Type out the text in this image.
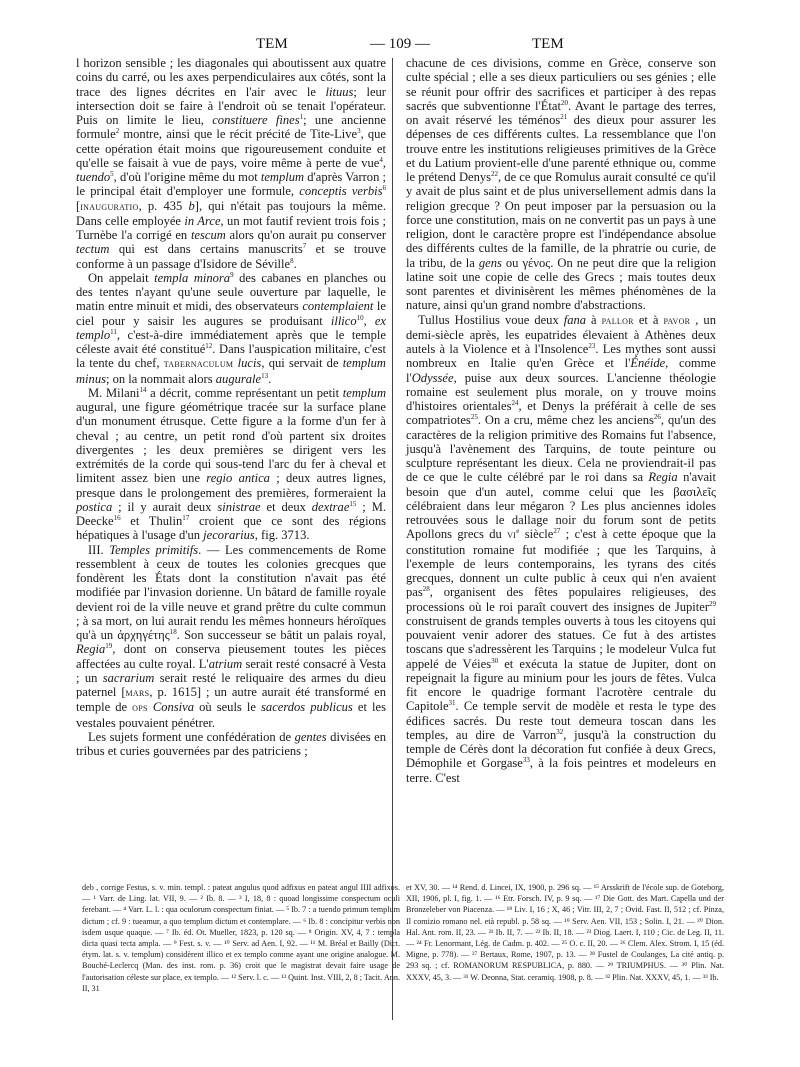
TEM	— 109 —	TEM

l horizon sensible ; les diagonales qui aboutissent aux quatre coins du carré, ou les axes perpendiculaires aux côtés, sont la trace des lignes décrites en l'air avec le lituus; leur intersection doit se faire à l'endroit où se tenait l'opérateur. Puis on limite le lieu, constituere fines$^1$; une ancienne formule$^2$ montre, ainsi que le récit précité de Tite-Live$^3$, que cette opération était moins que rigoureusement conduite et qu'elle se faisait à vue de pays, voire même à perte de vue$^4$, tuendo$^5$, d'où l'origine même du mot templum d'après Varron ; le principal était d'employer une formule, conceptis verbis$^6$ [inauguratio, p. 435 b], qui n'était pas toujours la même. Dans celle employée in Arce, un mot fautif revient trois fois ; Turnèbe l'a corrigé en tescum alors qu'on aurait pu conserver tectum qui est dans certains manuscrits$^7$ et se trouve conforme à un passage d'Isidore de Séville$^8$.

On appelait templa minora$^9$ des cabanes en planches ou des tentes n'ayant qu'une seule ouverture par laquelle, le matin entre minuit et midi, des observateurs contemplaient le ciel pour y saisir les augures se produisant illico$^{10}$, ex templo$^{11}$, c'est-à-dire immédiatement après que le temple céleste avait été constitué$^{12}$. Dans l'auspication militaire, c'est la tente du chef, tabernaculum lucis, qui servait de templum minus; on la nommait alors augurale$^{13}$.

M. Milani$^{14}$ a décrit, comme représentant un petit templum augural, une figure géométrique tracée sur la surface plane d'un monument étrusque. Cette figure a la forme d'un fer à cheval ; au centre, un petit rond d'où partent six droites divergentes ; les deux premières se dirigent vers les extrémités de la corde qui sous-tend l'arc du fer à cheval et limitent assez bien une regio antica ; deux autres lignes, presque dans le prolongement des premières, formeraient la postica ; il y aurait deux sinistrae et deux dextrae$^{15}$ ; M. Deecke$^{16}$ et Thulin$^{17}$ croient que ce sont des régions hépatiques à l'usage d'un jecorarius, fig. 3713.

III. Temples primitifs. — Les commencements de Rome ressemblent à ceux de toutes les colonies grecques que fondèrent les États dont la constitution n'avait pas été modifiée par l'invasion dorienne. Un bâtard de famille royale devient roi de la ville neuve et grand prêtre du culte commun ; à sa mort, on lui aurait rendu les mêmes honneurs héroïques qu'à un ἀρχηγέτης$^{18}$. Son successeur se bâtit un palais royal, Regia$^{19}$, dont on conserva pieusement toutes les pièces affectées au culte royal. L'atrium serait resté consacré à Vesta ; un sacrarium serait resté le reliquaire des armes du dieu paternel [mars, p. 1615] ; un autre aurait été transformé en temple de ops Consiva où seuls le sacerdos publicus et les vestales pouvaient pénétrer.

Les sujets forment une confédération de gentes divisées en tribus et curies gouvernées par des patriciens ;

chacune de ces divisions, comme en Grèce, conserve son culte spécial ; elle a ses dieux particuliers ou ses génies ; elle se réunit pour offrir des sacrifices et participer à des repas sacrés que subventionne l'État$^{20}$. Avant le partage des terres, on avait réservé les téménos$^{21}$ des dieux pour assurer les dépenses de ces différents cultes. La ressemblance que l'on trouve entre les institutions religieuses primitives de la Grèce et du Latium provient-elle d'une parenté ethnique ou, comme le prétend Denys$^{22}$, de ce que Romulus aurait consulté ce qu'il y avait de plus saint et de plus universellement admis dans la religion grecque ? On peut imposer par la persuasion ou la force une constitution, mais on ne convertit pas un pays à une religion, dont le caractère propre est l'indépendance absolue des différents cultes de la famille, de la phratrie ou curie, de la tribu, de la gens ou γένος. On ne peut dire que la religion latine soit une copie de celle des Grecs ; mais toutes deux sont parentes et divinisèrent les mêmes phénomènes de la nature, ainsi qu'un grand nombre d'abstractions.

Tullus Hostilius voue deux fana à pallor et à pavor , un demi-siècle après, les eupatrides élevaient à Athènes deux autels à la Violence et à l'Insolence$^{23}$. Les mythes sont aussi nombreux en Italie qu'en Grèce et l'Énéide, comme l'Odyssée, puise aux deux sources. L'ancienne théologie romaine est seulement plus morale, on y trouve moins d'histoires orientales$^{24}$, et Denys la préférait à celle de ses compatriotes$^{25}$. On a cru, même chez les anciens$^{26}$, qu'un des caractères de la religion primitive des Romains fut l'absence, jusqu'à l'avènement des Tarquins, de toute peinture ou sculpture représentant les dieux. Cela ne proviendrait-il pas de ce que le culte célébré par le roi dans sa Regia n'avait besoin que d'un autel, comme celui que les βασιλεῖς célébraient dans leur mégaron ? Les plus anciennes idoles retrouvées sous le dallage noir du forum sont de petits Apollons grecs du $vi^e$ siècle$^{27}$ ; c'est à cette époque que la constitution romaine fut modifiée ; que les Tarquins, à l'exemple de leurs contemporains, les tyrans des cités grecques, donnent un culte public à ceux qui n'en avaient pas$^{28}$, organisent des fêtes populaires religieuses, des processions où le roi paraît couvert des insignes de Jupiter$^{29}$ construisent de grands temples ouverts à tous les citoyens qui pouvaient venir adorer des statues. Ce fut à des artistes toscans que s'adressèrent les Tarquins ; le modeleur Vulca fut appelé de Véies$^{30}$ et exécuta la statue de Jupiter, dont on repeignait la figure au minium pour les jours de fêtes. Vulca fit encore le quadrige formant l'acrotère centrale du Capitole$^{31}$. Ce temple servit de modèle et resta le type des édifices sacrés. Du reste tout demeura toscan dans les temples, au dire de Varron$^{32}$, jusqu'à la construction du temple de Cérès dont la décoration fut confiée à deux Grecs, Démophile et Gorgase$^{33}$, à la fois peintres et modeleurs en terre. C'est

deb , corrige Festus, s. v. min. templ. : pateat angulus quod adfixus en pateat angul IIII adfixos. — ¹ Varr. de Ling. lat. VII, 9. — ² Ib. 8. — ³ I, 18, 8 : quoad longissime conspectum oculi ferebant. — ⁴ Varr. L. l. : qua oculorum conspectum finiat. — ⁵ Ib. 7 : a tuendo primum templum dictum ; cf. 9 : tueamur, a quo templum dictum et contemplare. — ⁶ Ib. 8 : concipitur verbis non isdem usque quaque. — ⁷ Ib. éd. Ot. Mueller, 1823, p. 120 sq. — ⁸ Origin. XV, 4, 7 : templa dicta quasi tecta ampla. — ⁹ Fest. s. v. — ¹⁰ Serv. ad Aen. I, 92. — ¹¹ M. Bréal et Bailly (Dict. étym. lat. s. v. templum) considèrent illico et ex templo comme ayant une origine analogue. M. Bouché-Leclercq (Man. des inst. rom. p. 36) croit que le magistrat devait faire usage de l'autorisation céleste sur place, ex templo. — ¹² Serv. l. c. — ¹³ Quint. Inst. VIII, 2, 8 ; Tacit. Ann. II, 31
et XV, 30. — ¹⁴ Rend. d. Lincei, IX, 1900, p. 296 sq. — ¹⁵ Arsskrift de l'école sup. de Goteborg, XII, 1906, pl. I, fig. 1. — ¹⁶ Etr. Forsch. IV, p. 9 sq. — ¹⁷ Die Gott. des Mart. Capella und der Bronzeleber von Piacenza. — ¹⁸ Liv. I, 16 ; X, 46 ; Vitr. III, 2, 7 ; Ovid. Fast. II, 512 ; cf. Pinza, Il comizio romano nel. età republ. p. 58 sq. — ¹⁹ Serv. Aen. VII, 153 ; Solin. I, 21. — ²⁰ Dion. Hal. Ant. rom. II, 23. — ²¹ Ib. II, 7. — ²² Ib. II, 18. — ²³ Diog. Laert. I, 110 ; Cic. de Leg. II, 11. — ²⁴ Fr. Lenormant, Lég. de Cadm. p. 402. — ²⁵ O. c. II, 20. — ²⁶ Clem. Alex. Strom. I, 15 (éd. Migne, p. 778). — ²⁷ Bertaux, Rome, 1907, p. 13. — ²⁸ Fustel de Coulanges, La cité antiq. p. 293 sq. ; cf. ROMANORUM RESPUBLICA, p. 880. — ²⁹ TRIUMPHUS. — ³⁰ Plin. Nat. XXXV, 45, 3. — ³¹ W. Deonna, Stat. ceramiq. 1908, p. 8. — ³² Plin. Nat. XXXV, 45, 1. — ³³ Ib.
